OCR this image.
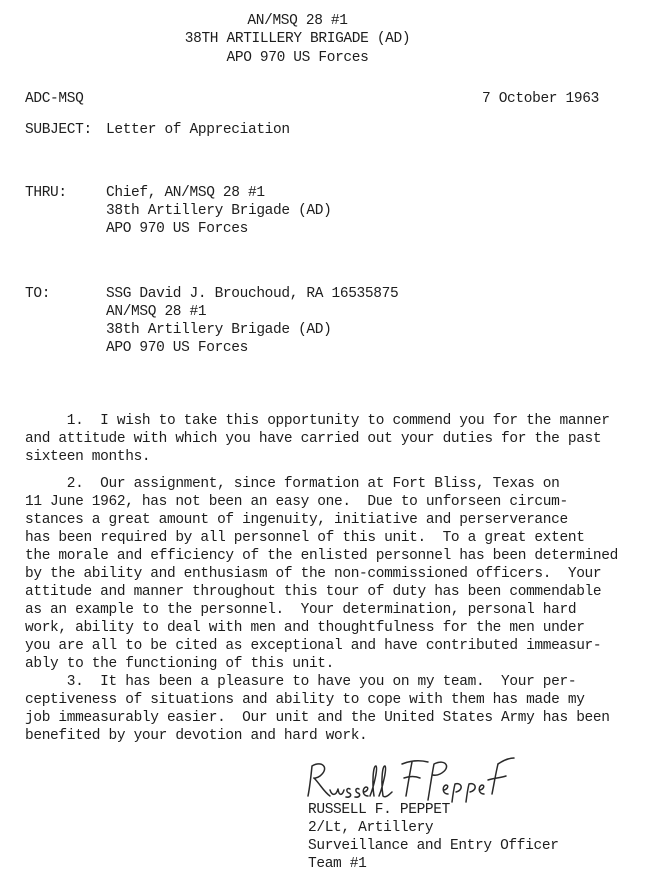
AN/MSQ 28 #1
38TH ARTILLERY BRIGADE (AD)
APO 970 US Forces
ADC-MSQ	7 October 1963
SUBJECT: Letter of Appreciation
THRU:	Chief, AN/MSQ 28 #1
38th Artillery Brigade (AD)
APO 970 US Forces
TO:	SSG David J. Brouchoud, RA 16535875
AN/MSQ 28 #1
38th Artillery Brigade (AD)
APO 970 US Forces
1.  I wish to take this opportunity to commend you for the manner
and attitude with which you have carried out your duties for the past
sixteen months.
2.  Our assignment, since formation at Fort Bliss, Texas on
11 June 1962, has not been an easy one.  Due to unforseen circum-
stances a great amount of ingenuity, initiative and perserverance
has been required by all personnel of this unit.  To a great extent
the morale and efficiency of the enlisted personnel has been determined
by the ability and enthusiasm of the non-commissioned officers.  Your
attitude and manner throughout this tour of duty has been commendable
as an example to the personnel.  Your determination, personal hard
work, ability to deal with men and thoughtfulness for the men under
you are all to be cited as exceptional and have contributed immeasur-
ably to the functioning of this unit.
3.  It has been a pleasure to have you on my team.  Your per-
ceptiveness of situations and ability to cope with them has made my
job immeasurably easier.  Our unit and the United States Army has been
benefited by your devotion and hard work.
RUSSELL F. PEPPET
2/Lt, Artillery
Surveillance and Entry Officer
Team #1
